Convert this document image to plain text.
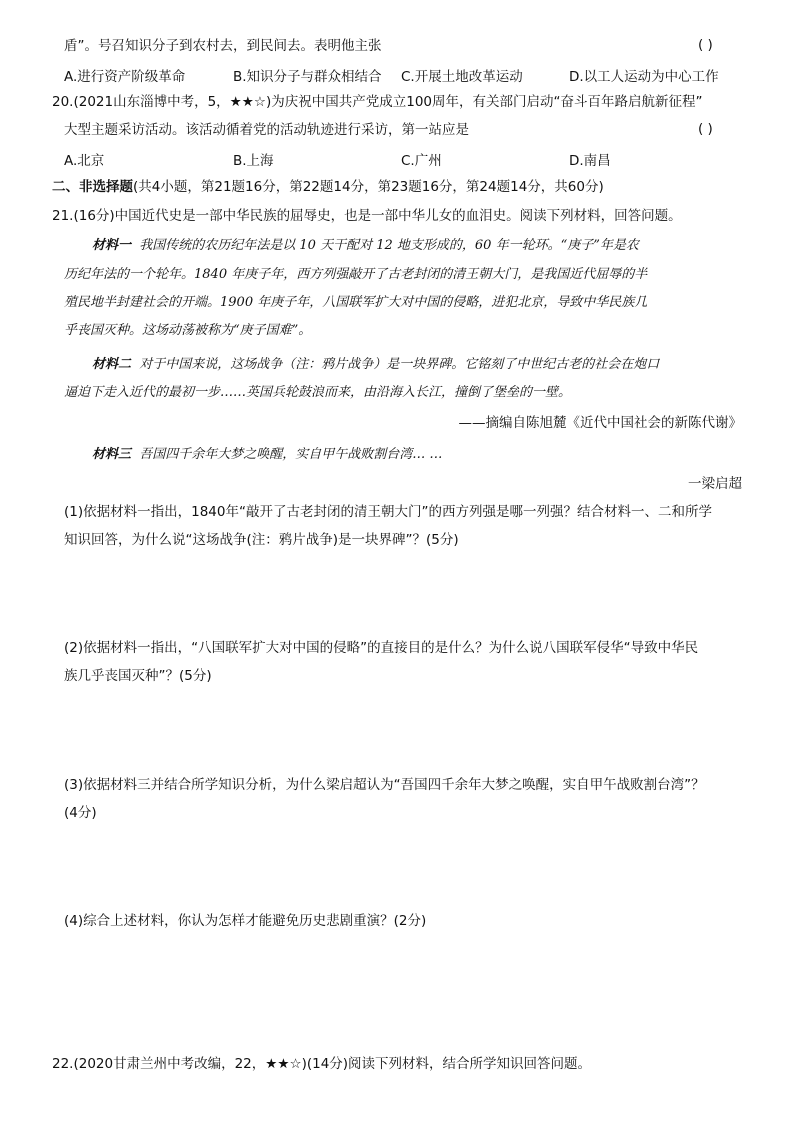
盾”。号召知识分子到农村去，到民间去。表明他主张	( )
A.进行资产阶级革命	B.知识分子与群众相结合 C.开展土地改革运动	D.以工人运动为中心工作
20.(2021山东淄博中考，5，★★☆)为庆祝中国共产党成立100周年，有关部门启动“奋斗百年路启航新征程”
大型主题采访活动。该活动循着党的活动轨迹进行采访，第一站应是	( )
A.北京	B.上海	C.广州	D.南昌
二、非选择题(共4小题，第21题16分，第22题14分，第23题16分，第24题14分，共60分)
21.(16分)中国近代史是一部中华民族的屈辱史，也是一部中华儿女的血泪史。阅读下列材料，回答问题。
材料一 我国传统的农历纪年法是以 10 天干配对 12 地支形成的，60 年一轮环。“庚子”年是农
历纪年法的一个轮年。1840 年庚子年，西方列强敲开了古老封闭的清王朝大门，是我国近代屈辱的半
殖民地半封建社会的开端。1900 年庚子年，八国联军扩大对中国的侵略，进犯北京，导致中华民族几
乎丧国灭种。这场动荡被称为“庚子国难”。
材料二 对于中国来说，这场战争（注：鸦片战争）是一块界碑。它铭刻了中世纪古老的社会在炮口
逼迫下走入近代的最初一步……英国兵轮鼓浪而来，由沿海入长江，撞倒了堡垒的一壁。
——摘编自陈旭麓《近代中国社会的新陈代谢》
材料三 吾国四千余年大梦之唤醒，实自甲午战败割台湾… …
一梁启超
(1)依据材料一指出，1840年“敲开了古老封闭的清王朝大门”的西方列强是哪一列强？结合材料一、二和所学
知识回答，为什么说“这场战争(注：鸦片战争)是一块界碑”？(5分)
(2)依据材料一指出，“八国联军扩大对中国的侵略”的直接目的是什么？为什么说八国联军侵华“导致中华民
族几乎丧国灭种”？(5分)
(3)依据材料三并结合所学知识分析，为什么梁启超认为“吾国四千余年大梦之唤醒，实自甲午战败割台湾”？
(4分)
(4)综合上述材料，你认为怎样才能避免历史悲剧重演？(2分)
22.(2020甘肃兰州中考改编，22，★★☆)(14分)阅读下列材料，结合所学知识回答问题。
